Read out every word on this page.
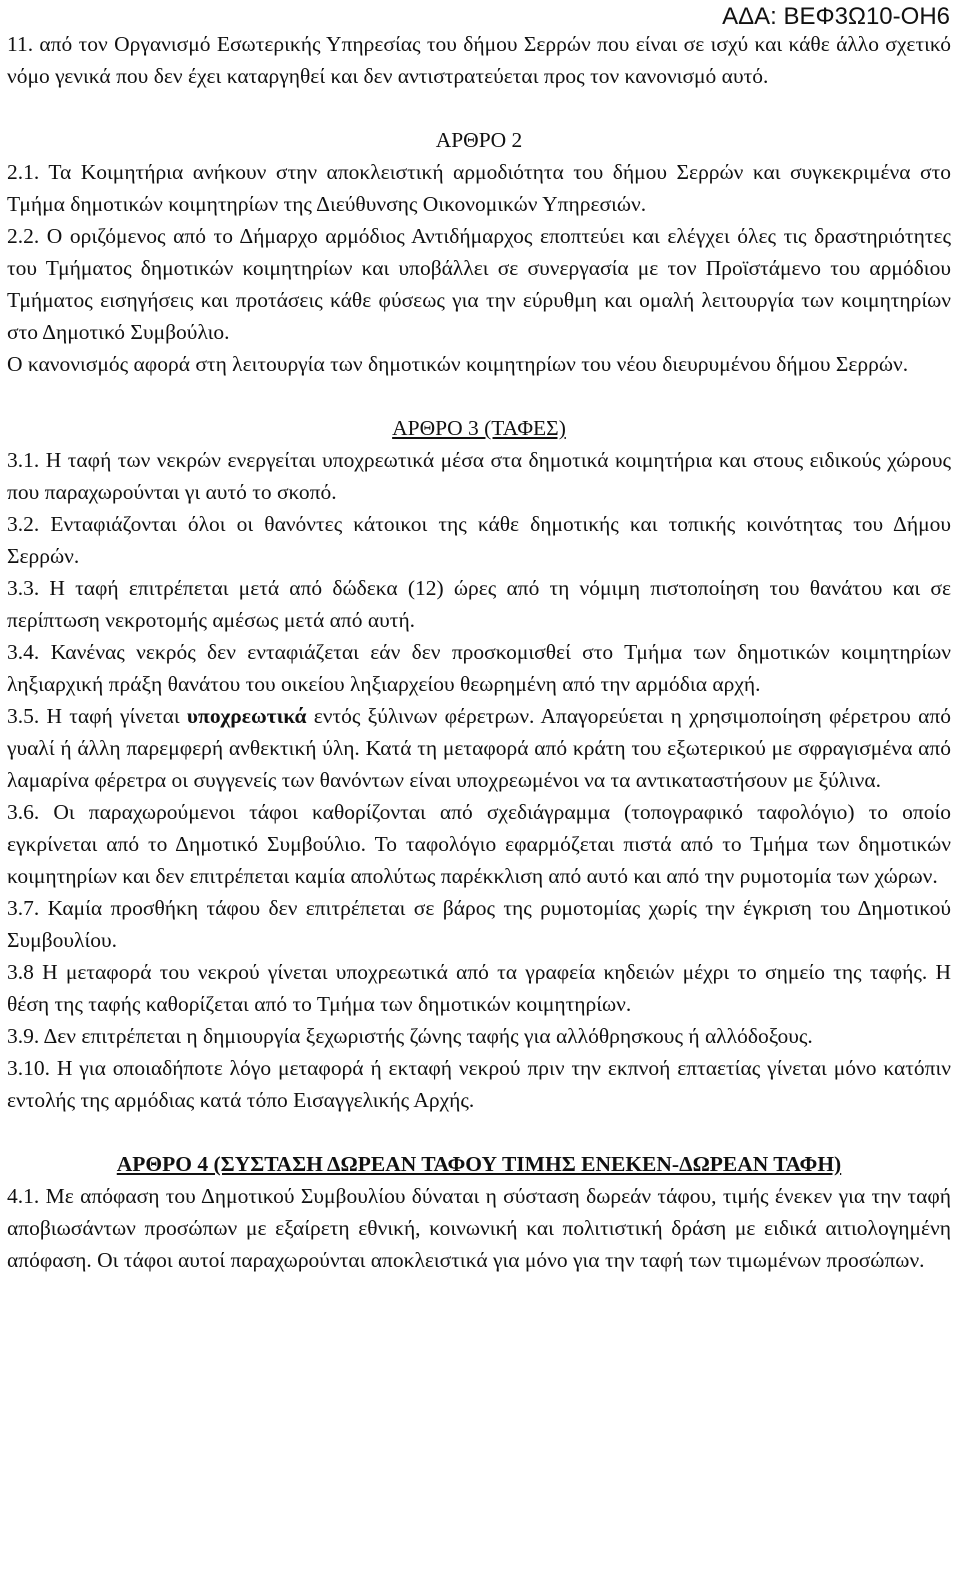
ΑΔΑ: ΒΕΦ3Ω10-ΟΗ6

11. από τον Οργανισμό Εσωτερικής Υπηρεσίας του δήμου Σερρών που είναι σε ισχύ και κάθε άλλο σχετικό νόμο γενικά που δεν έχει καταργηθεί και δεν αντιστρατεύεται προς τον κανονισμό αυτό.

ΑΡΘΡΟ 2

2.1. Τα Κοιμητήρια ανήκουν στην αποκλειστική αρμοδιότητα του δήμου Σερρών και συγκεκριμένα στο Τμήμα δημοτικών κοιμητηρίων της Διεύθυνσης Οικονομικών Υπηρεσιών.

2.2. Ο οριζόμενος από το Δήμαρχο αρμόδιος Αντιδήμαρχος εποπτεύει και ελέγχει όλες τις δραστηριότητες του Τμήματος δημοτικών κοιμητηρίων και υποβάλλει σε συνεργασία με τον Προϊστάμενο του αρμόδιου Τμήματος εισηγήσεις και προτάσεις κάθε φύσεως για την εύρυθμη και ομαλή λειτουργία των κοιμητηρίων στο Δημοτικό Συμβούλιο.

Ο κανονισμός αφορά στη λειτουργία των δημοτικών κοιμητηρίων του νέου διευρυμένου δήμου Σερρών.

ΑΡΘΡΟ 3 (ΤΑΦΕΣ)

3.1. Η ταφή των νεκρών ενεργείται υποχρεωτικά μέσα στα δημοτικά κοιμητήρια και στους ειδικούς χώρους που παραχωρούνται γι αυτό το σκοπό.

3.2. Ενταφιάζονται όλοι οι θανόντες κάτοικοι της κάθε δημοτικής και τοπικής κοινότητας του Δήμου Σερρών.

3.3. Η ταφή επιτρέπεται μετά από δώδεκα (12) ώρες από τη νόμιμη πιστοποίηση του θανάτου και σε περίπτωση νεκροτομής αμέσως μετά από αυτή.

3.4. Κανένας νεκρός δεν ενταφιάζεται εάν δεν προσκομισθεί στο Τμήμα των δημοτικών κοιμητηρίων ληξιαρχική πράξη θανάτου του οικείου ληξιαρχείου θεωρημένη από την αρμόδια αρχή.

3.5. Η ταφή γίνεται υποχρεωτικά εντός ξύλινων φέρετρων. Απαγορεύεται η χρησιμοποίηση φέρετρου από γυαλί ή άλλη παρεμφερή ανθεκτική ύλη. Κατά τη μεταφορά από κράτη του εξωτερικού με σφραγισμένα από λαμαρίνα φέρετρα οι συγγενείς των θανόντων είναι υποχρεωμένοι να τα αντικαταστήσουν με ξύλινα.

3.6. Οι παραχωρούμενοι τάφοι καθορίζονται από σχεδιάγραμμα (τοπογραφικό ταφολόγιο) το οποίο εγκρίνεται από το Δημοτικό Συμβούλιο. Το ταφολόγιο εφαρμόζεται πιστά από το Τμήμα των δημοτικών κοιμητηρίων και δεν επιτρέπεται καμία απολύτως παρέκκλιση από αυτό και από την ρυμοτομία των χώρων.

3.7. Καμία προσθήκη τάφου δεν επιτρέπεται σε βάρος της ρυμοτομίας χωρίς την έγκριση του Δημοτικού Συμβουλίου.

3.8 Η μεταφορά του νεκρού γίνεται υποχρεωτικά από τα γραφεία κηδειών μέχρι το σημείο της ταφής. Η θέση της ταφής καθορίζεται από το Τμήμα των δημοτικών κοιμητηρίων.

3.9. Δεν επιτρέπεται η δημιουργία ξεχωριστής ζώνης ταφής για αλλόθρησκους ή αλλόδοξους.

3.10. Η για οποιαδήποτε λόγο μεταφορά ή εκταφή νεκρού πριν την εκπνοή επταετίας γίνεται μόνο κατόπιν εντολής της αρμόδιας κατά τόπο Εισαγγελικής Αρχής.

ΑΡΘΡΟ 4 (ΣΥΣΤΑΣΗ ΔΩΡΕΑΝ ΤΑΦΟΥ ΤΙΜΗΣ ΕΝΕΚΕΝ-ΔΩΡΕΑΝ ΤΑΦΗ)

4.1. Με απόφαση του Δημοτικού Συμβουλίου δύναται η σύσταση δωρεάν τάφου, τιμής ένεκεν για την ταφή αποβιωσάντων προσώπων με εξαίρετη εθνική, κοινωνική και πολιτιστική δράση με ειδικά αιτιολογημένη απόφαση. Οι τάφοι αυτοί παραχωρούνται αποκλειστικά για μόνο για την ταφή των τιμωμένων προσώπων.
